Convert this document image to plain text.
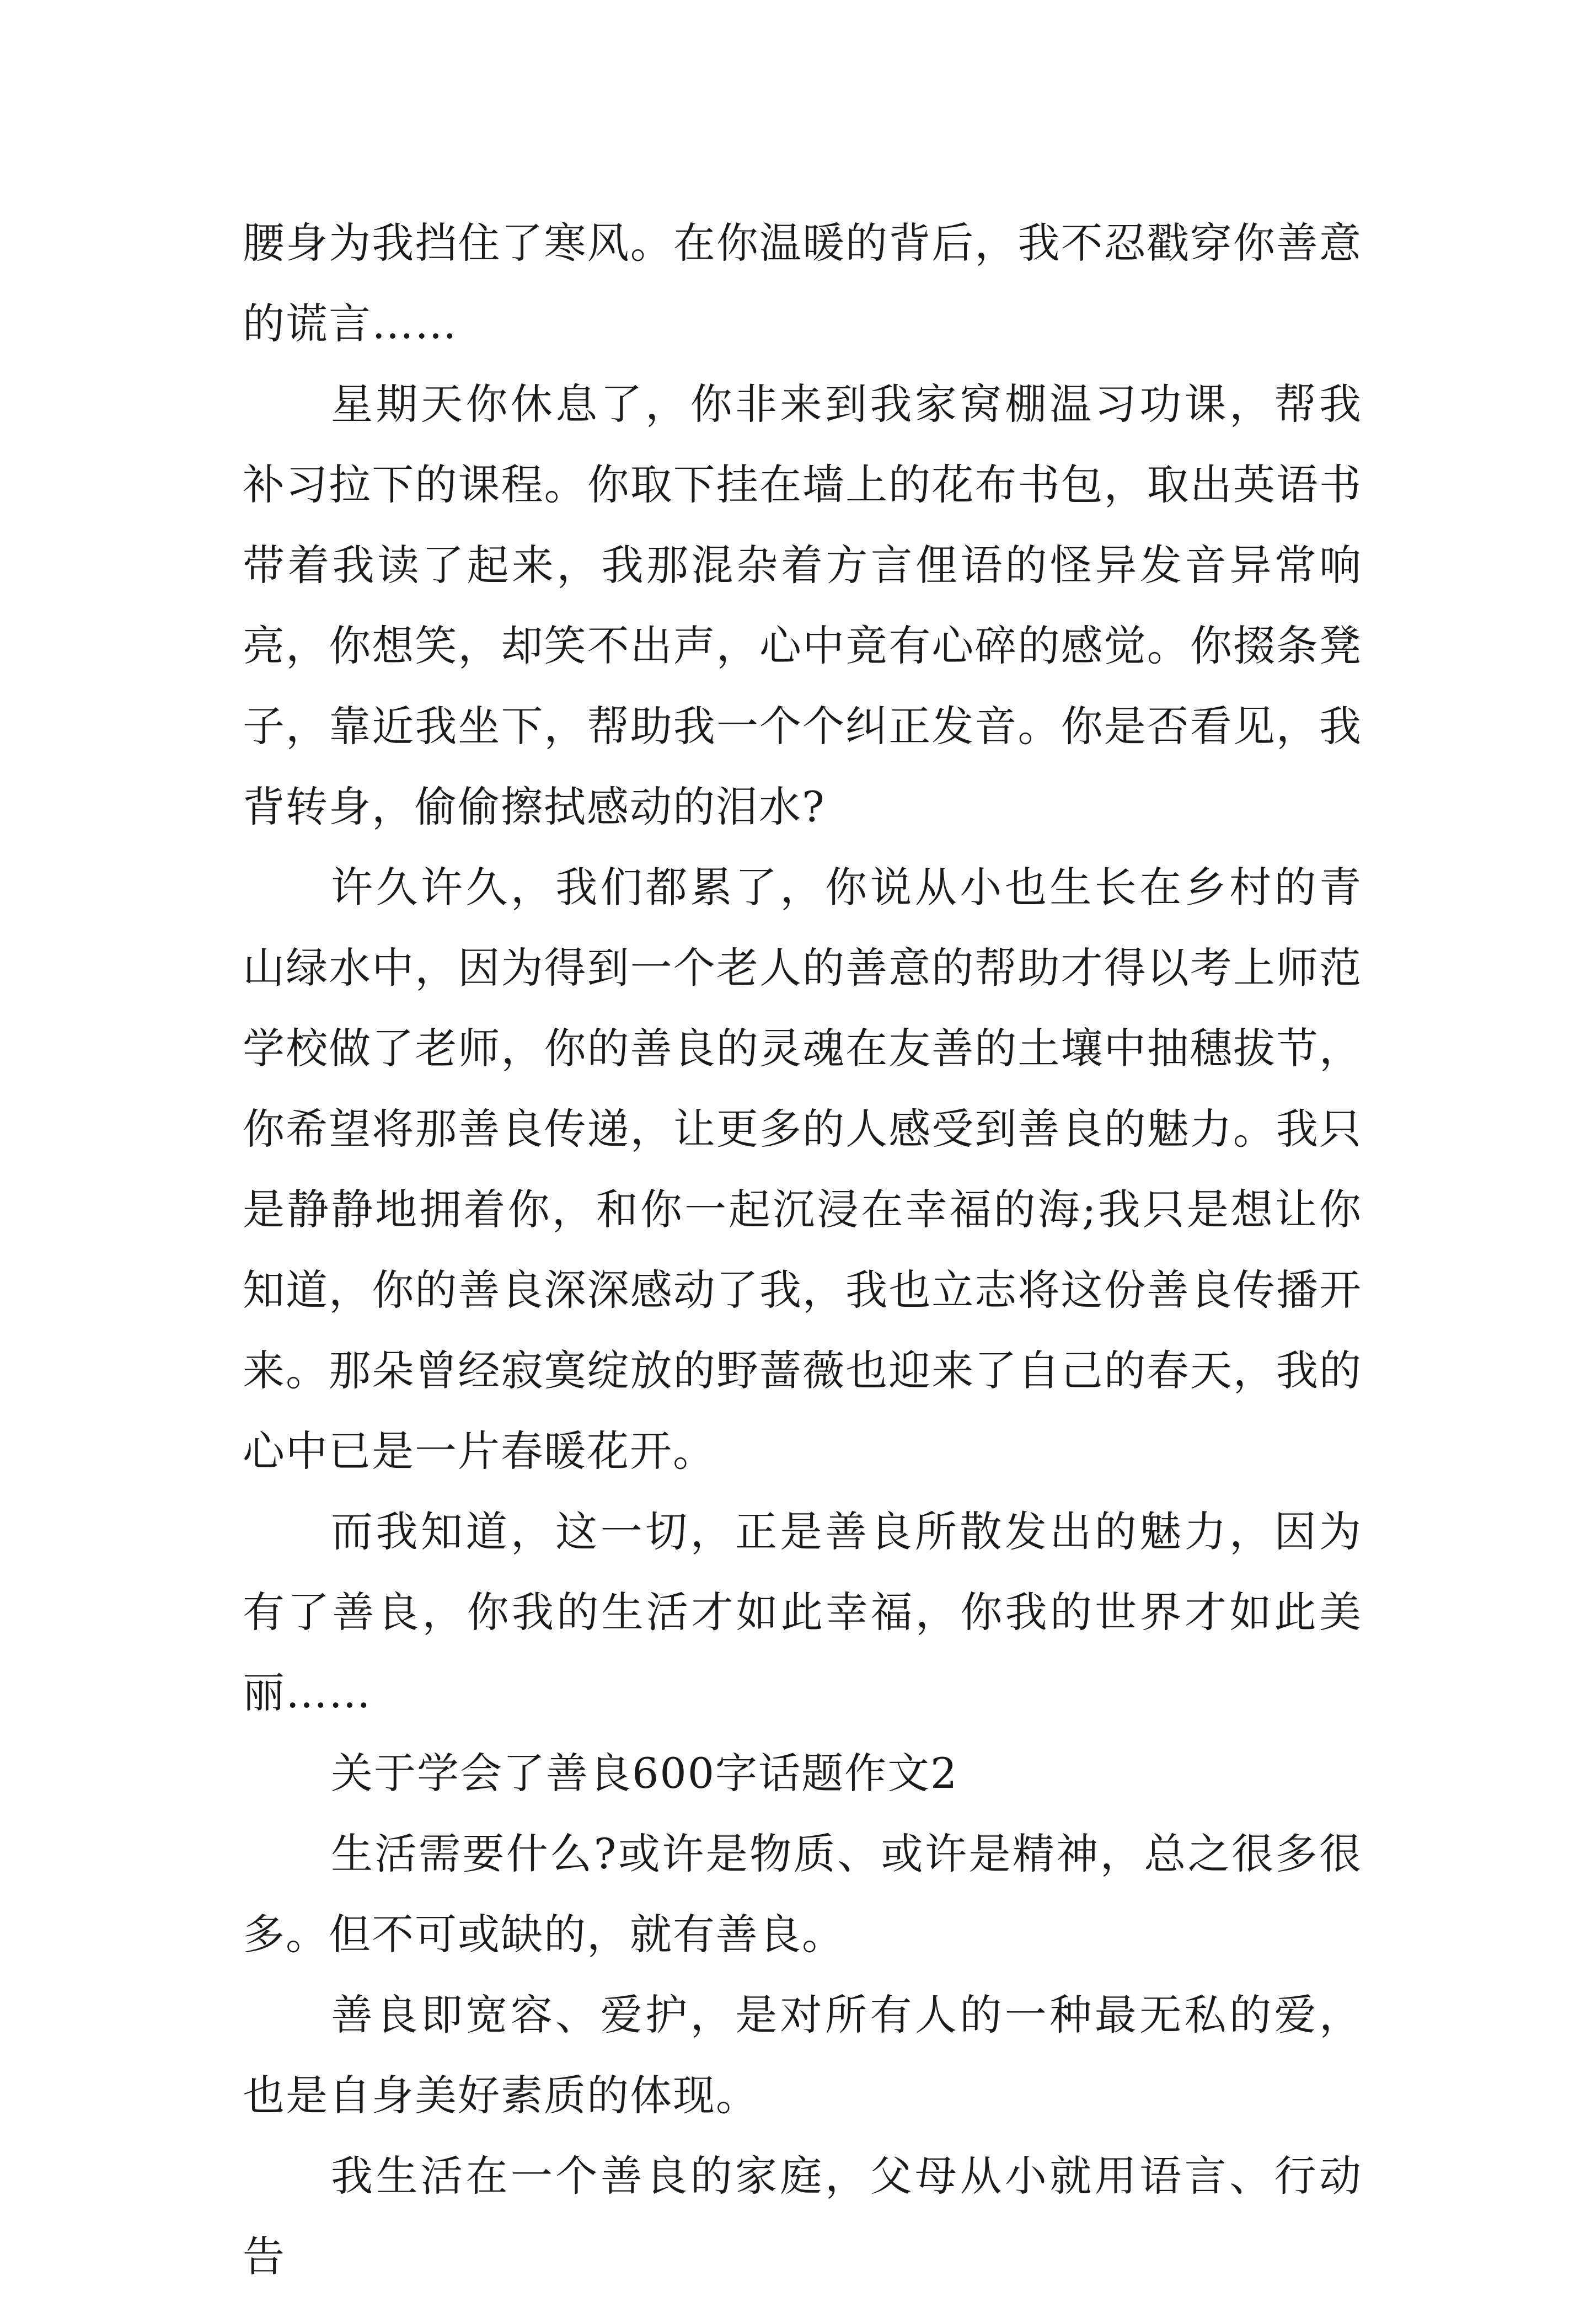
腰身为我挡住了寒风。在你温暖的背后，我不忍戳穿你善意的谎言……

星期天你休息了，你非来到我家窝棚温习功课，帮我补习拉下的课程。你取下挂在墙上的花布书包，取出英语书带着我读了起来，我那混杂着方言俚语的怪异发音异常响亮，你想笑，却笑不出声，心中竟有心碎的感觉。你掇条凳子，靠近我坐下，帮助我一个个纠正发音。你是否看见，我背转身，偷偷擦拭感动的泪水?

许久许久，我们都累了，你说从小也生长在乡村的青山绿水中，因为得到一个老人的善意的帮助才得以考上师范学校做了老师，你的善良的灵魂在友善的土壤中抽穗拔节，你希望将那善良传递，让更多的人感受到善良的魅力。我只是静静地拥着你，和你一起沉浸在幸福的海;我只是想让你知道，你的善良深深感动了我，我也立志将这份善良传播开来。那朵曾经寂寞绽放的野蔷薇也迎来了自己的春天，我的心中已是一片春暖花开。

而我知道，这一切，正是善良所散发出的魅力，因为有了善良，你我的生活才如此幸福，你我的世界才如此美丽……

关于学会了善良600字话题作文2

生活需要什么?或许是物质、或许是精神，总之很多很多。但不可或缺的，就有善良。

善良即宽容、爱护，是对所有人的一种最无私的爱，也是自身美好素质的体现。

我生活在一个善良的家庭，父母从小就用语言、行动告
